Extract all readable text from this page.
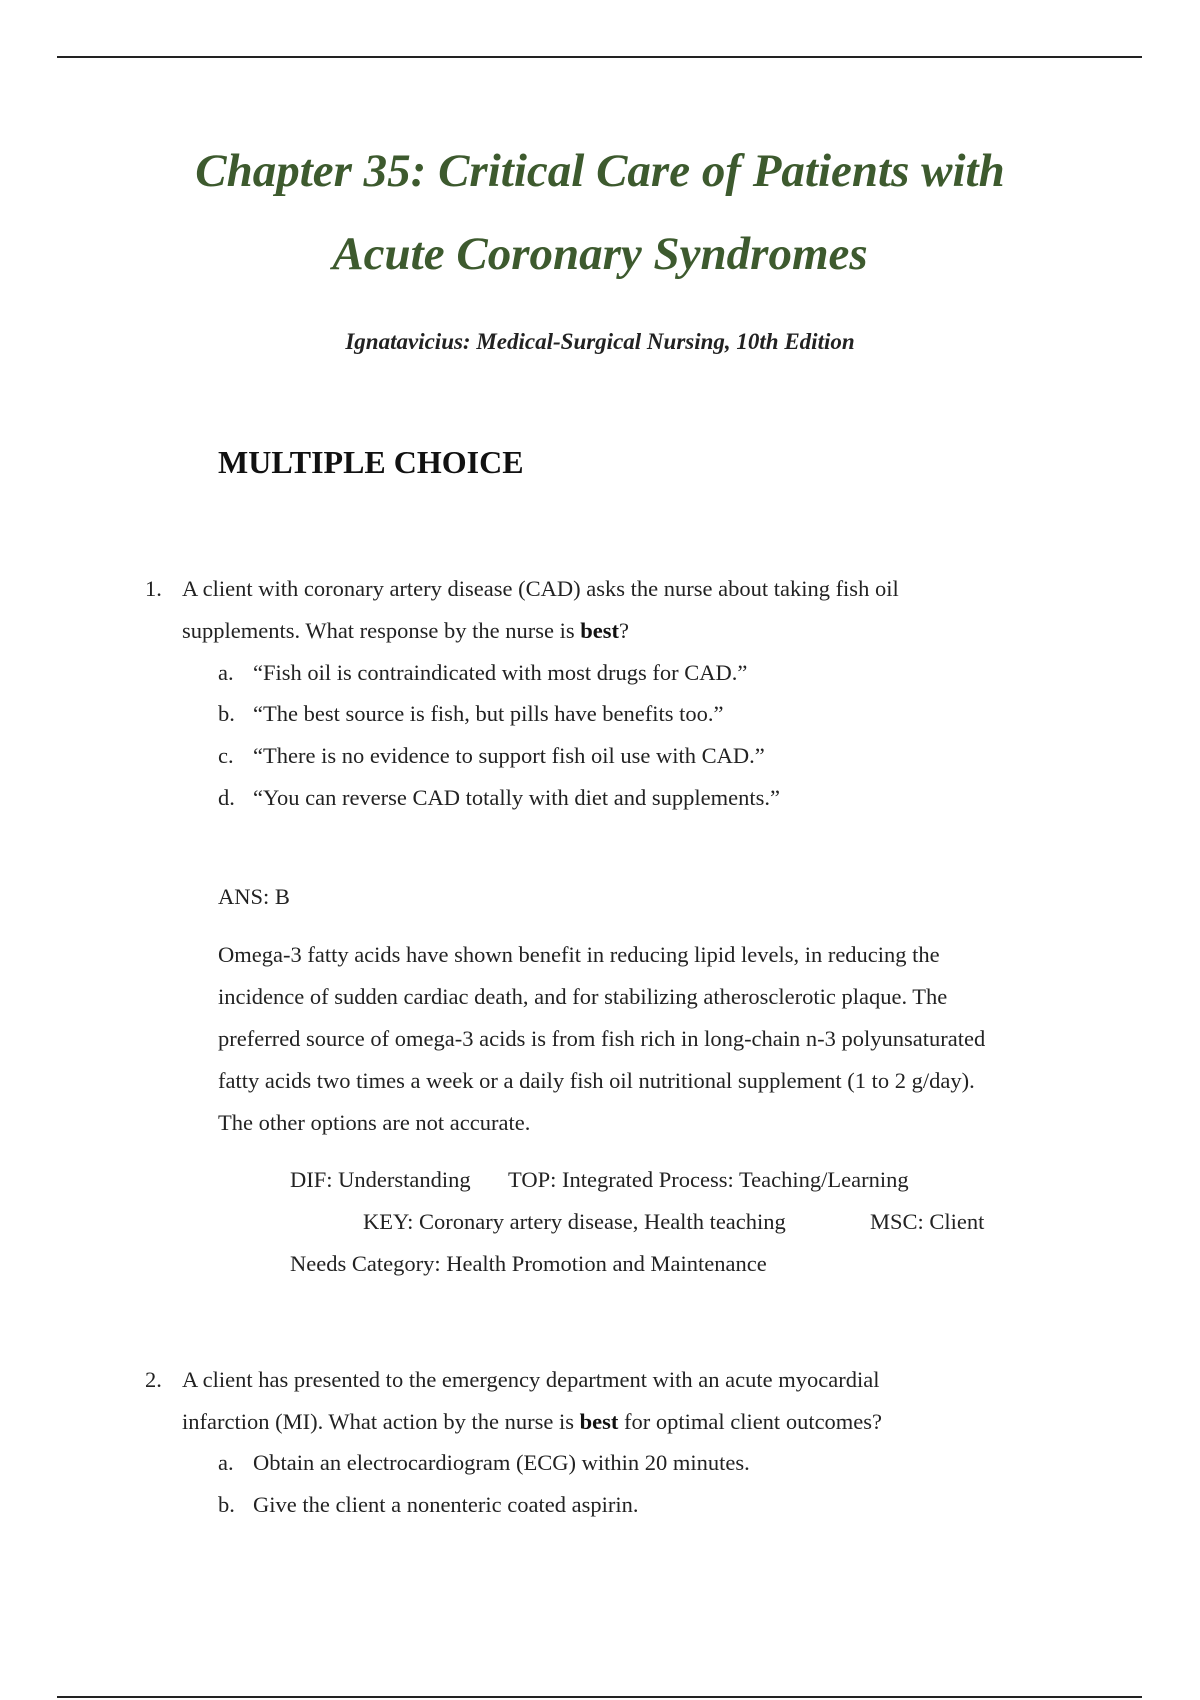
Chapter 35: Critical Care of Patients with
Acute Coronary Syndromes
Ignatavicius: Medical-Surgical Nursing, 10th Edition
MULTIPLE CHOICE
1. A client with coronary artery disease (CAD) asks the nurse about taking fish oil
supplements. What response by the nurse is best?
a. “Fish oil is contraindicated with most drugs for CAD.”
b. “The best source is fish, but pills have benefits too.”
c. “There is no evidence to support fish oil use with CAD.”
d. “You can reverse CAD totally with diet and supplements.”
ANS: B
Omega-3 fatty acids have shown benefit in reducing lipid levels, in reducing the
incidence of sudden cardiac death, and for stabilizing atherosclerotic plaque. The
preferred source of omega-3 acids is from fish rich in long-chain n-3 polyunsaturated
fatty acids two times a week or a daily fish oil nutritional supplement (1 to 2 g/day).
The other options are not accurate.
DIF: Understanding TOP: Integrated Process: Teaching/Learning
KEY: Coronary artery disease, Health teaching	MSC: Client
Needs Category: Health Promotion and Maintenance
2. A client has presented to the emergency department with an acute myocardial
infarction (MI). What action by the nurse is best for optimal client outcomes?
a. Obtain an electrocardiogram (ECG) within 20 minutes.
b. Give the client a nonenteric coated aspirin.
